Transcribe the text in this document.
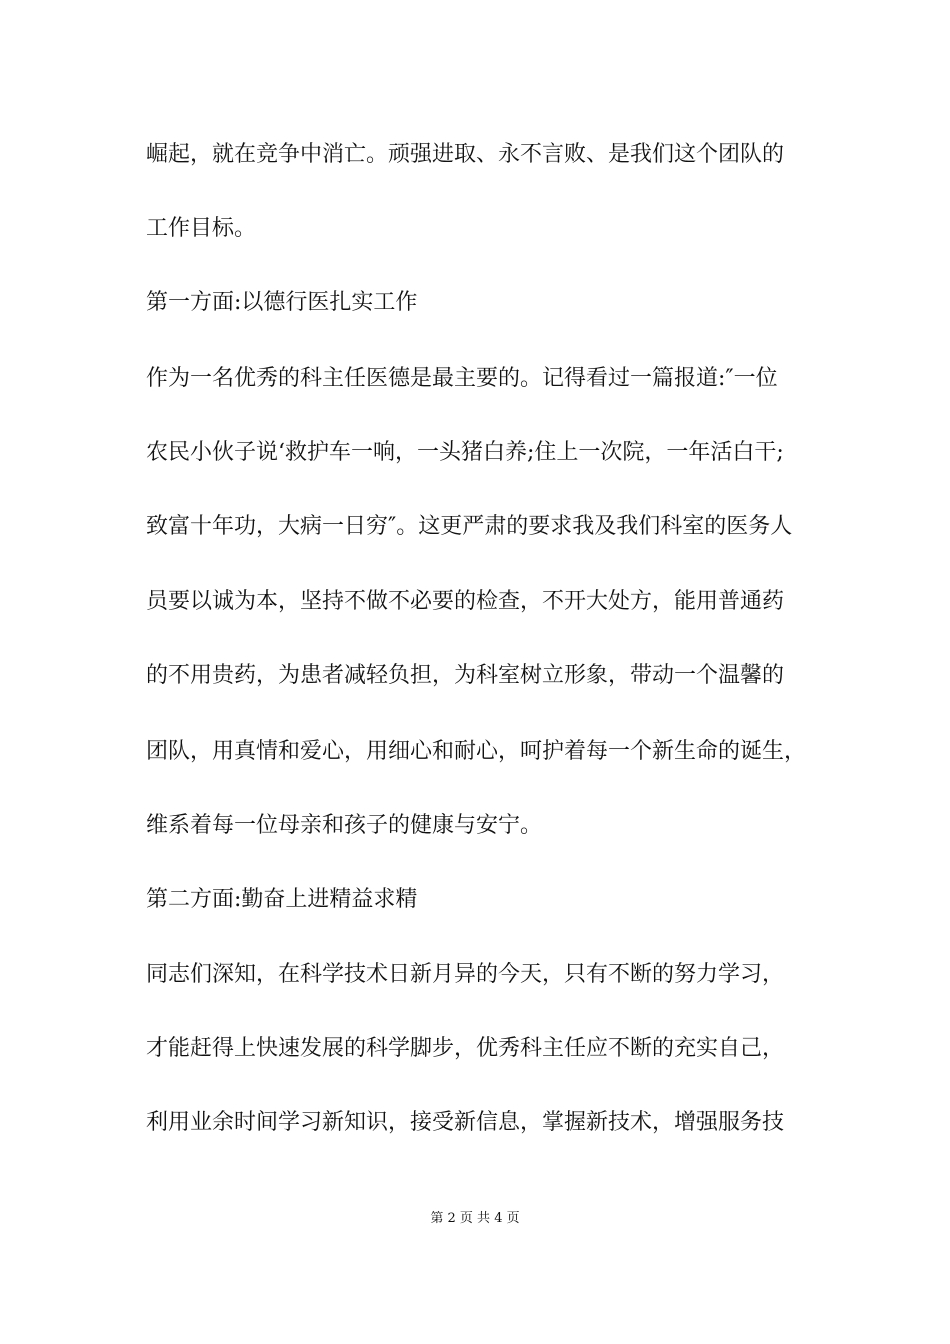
崛起，就在竞争中消亡。顽强进取、永不言败、是我们这个团队的
工作目标。
第一方面:以德行医扎实工作
作为一名优秀的科主任医德是最主要的。记得看过一篇报道:″一位
农民小伙子说‘救护车一响，一头猪白养;住上一次院，一年活白干;
致富十年功，大病一日穷″。这更严肃的要求我及我们科室的医务人
员要以诚为本，坚持不做不必要的检查，不开大处方，能用普通药
的不用贵药，为患者减轻负担，为科室树立形象，带动一个温馨的
团队，用真情和爱心，用细心和耐心，呵护着每一个新生命的诞生，
维系着每一位母亲和孩子的健康与安宁。
第二方面:勤奋上进精益求精
同志们深知，在科学技术日新月异的今天，只有不断的努力学习，
才能赶得上快速发展的科学脚步，优秀科主任应不断的充实自己，
利用业余时间学习新知识，接受新信息，掌握新技术，增强服务技
第 2 页 共 4 页
